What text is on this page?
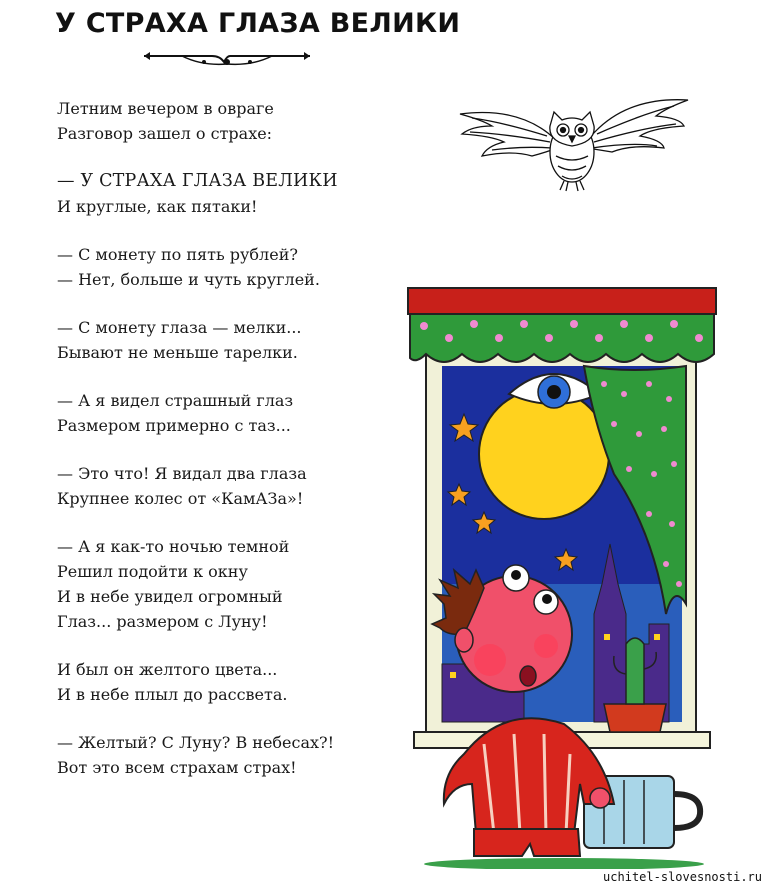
У СТРАХА ГЛАЗА ВЕЛИКИ
Летним вечером в овраге
Разговор зашел о страхе:
— У СТРАХА ГЛАЗА ВЕЛИКИ
И круглые, как пятаки!
— С монету по пять рублей?
— Нет, больше и чуть круглей.
— С монету глаза — мелки...
Бывают не меньше тарелки.
— А я видел страшный глаз
Размером примерно с таз...
— Это что! Я видал два глаза
Крупнее колес от «КамАЗа»!
— А я как-то ночью темной
Решил подойти к окну
И в небе увидел огромный
Глаз... размером с Луну!
И был он желтого цвета...
И в небе плыл до рассвета.
— Желтый? С Луну? В небесах?!
Вот это всем страхам страх!
uchitel-slovesnosti.ru
